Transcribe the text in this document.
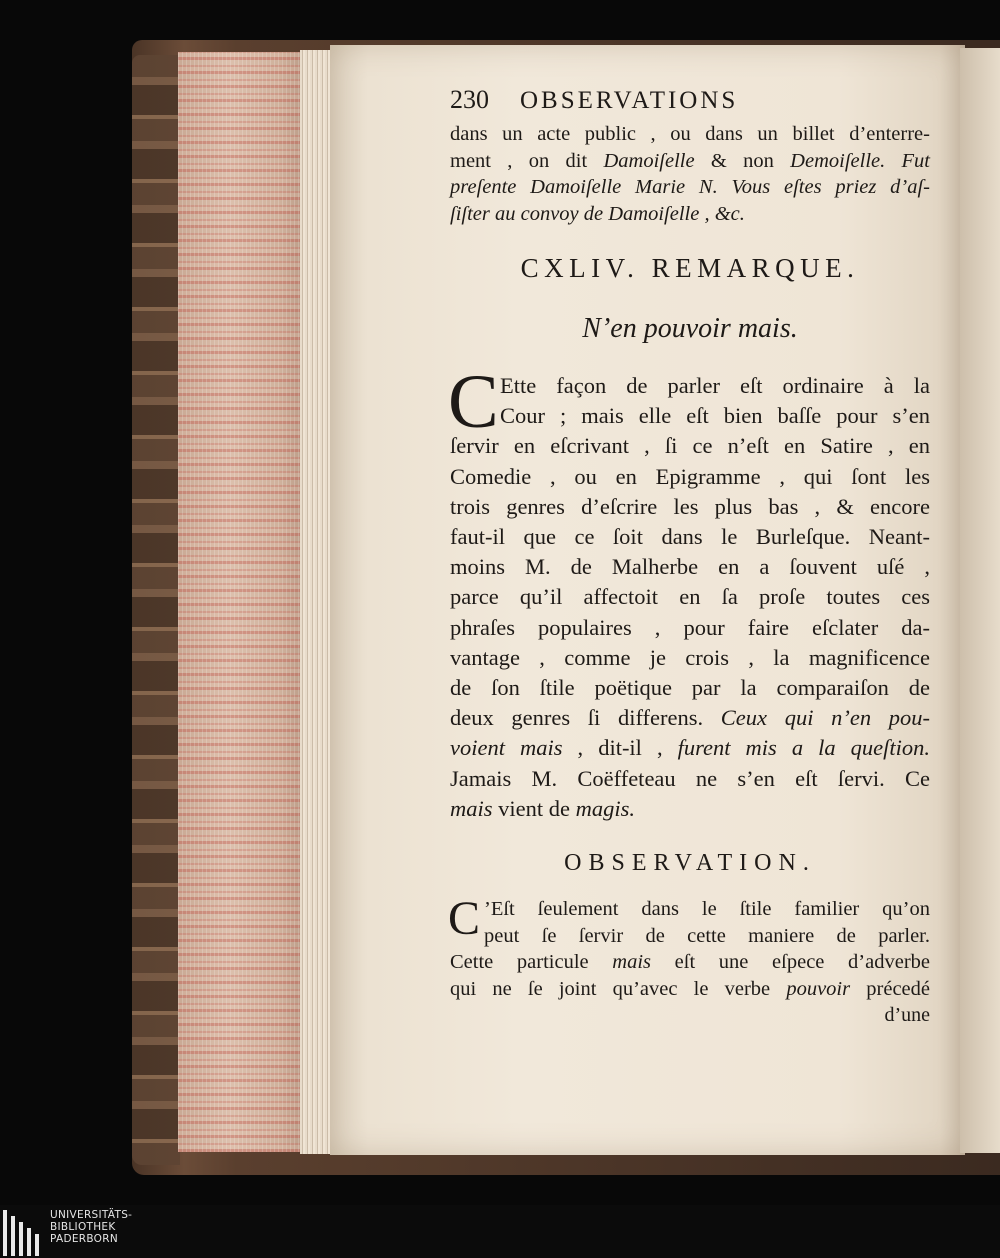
230	OBSERVATIONS
dans un acte public , ou dans un billet d’enterre-
ment , on dit Damoiſelle & non Demoiſelle. Fut
preſente Damoiſelle Marie N. Vous eſtes priez d’aſ-
ſiſter au convoy de Damoiſelle , &c.
CXLIV. REMARQUE.
N’en pouvoir mais.
C Ette façon de parler eſt ordinaire à la
Cour ; mais elle eſt bien baſſe pour s’en
ſervir en eſcrivant , ſi ce n’eſt en Satire , en
Comedie , ou en Epigramme , qui ſont les
trois genres d’eſcrire les plus bas , & encore
faut-il que ce ſoit dans le Burleſque. Neant-
moins M. de Malherbe en a ſouvent uſé ,
parce qu’il affectoit en ſa proſe toutes ces
phraſes populaires , pour faire eſclater da-
vantage , comme je crois , la magnificence
de ſon ſtile poëtique par la comparaiſon de
deux genres ſi differens. Ceux qui n’en pou-
voient mais , dit-il , furent mis a la queſtion.
Jamais M. Coëffeteau ne s’en eſt ſervi. Ce
mais vient de magis.
OBSERVATION.
C ’Eſt ſeulement dans le ſtile familier qu’on
peut ſe ſervir de cette maniere de parler.
Cette particule mais eſt une eſpece d’adverbe
qui ne ſe joint qu’avec le verbe pouvoir précedé
d’une
UNIVERSITÄTS-
BIBLIOTHEK
PADERBORN
